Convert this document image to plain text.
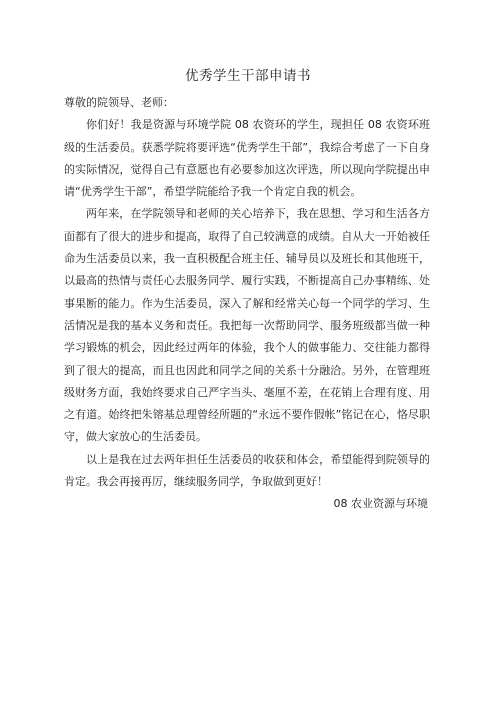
优秀学生干部申请书

尊敬的院领导、老师：

你们好！我是资源与环境学院 08 农资环的学生，现担任 08 农资环班级的生活委员。获悉学院将要评选“优秀学生干部”，我综合考虑了一下自身的实际情况，觉得自己有意愿也有必要参加这次评选，所以现向学院提出申请“优秀学生干部”，希望学院能给予我一个肯定自我的机会。

两年来，在学院领导和老师的关心培养下，我在思想、学习和生活各方面都有了很大的进步和提高，取得了自己较满意的成绩。自从大一开始被任命为生活委员以来，我一直积极配合班主任、辅导员以及班长和其他班干，以最高的热情与责任心去服务同学、履行实践，不断提高自己办事精练、处事果断的能力。作为生活委员，深入了解和经常关心每一个同学的学习、生活情况是我的基本义务和责任。我把每一次帮助同学、服务班级都当做一种学习锻炼的机会，因此经过两年的体验，我个人的做事能力、交往能力都得到了很大的提高，而且也因此和同学之间的关系十分融洽。另外，在管理班级财务方面，我始终要求自己严字当头、毫厘不差，在花销上合理有度、用之有道。始终把朱镕基总理曾经所题的“永远不要作假帐”铭记在心，恪尽职守，做大家放心的生活委员。

以上是我在过去两年担任生活委员的收获和体会，希望能得到院领导的肯定。我会再接再厉，继续服务同学，争取做到更好！

08 农业资源与环境
